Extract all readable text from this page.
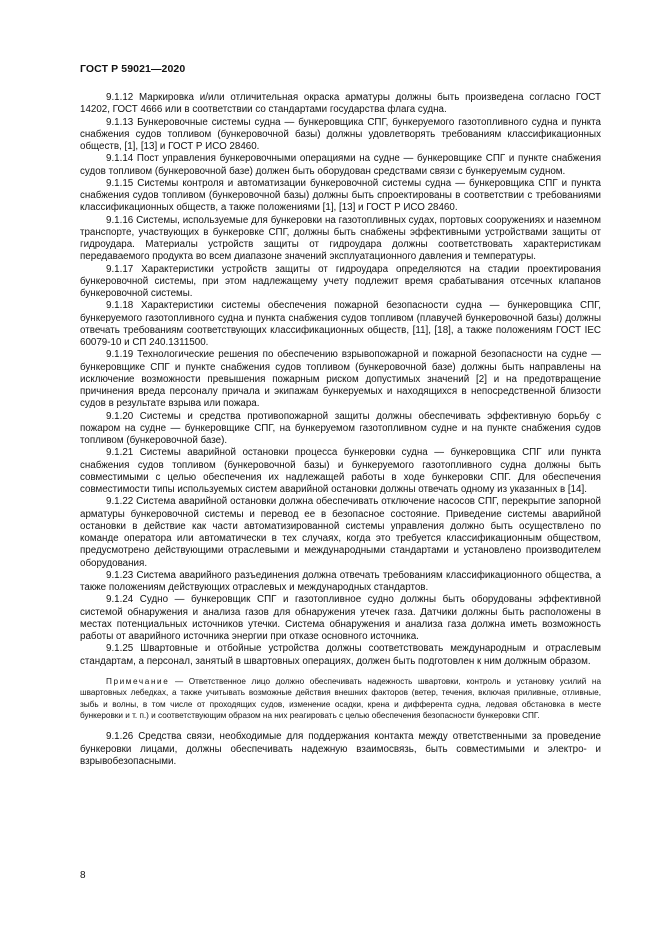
ГОСТ Р 59021—2020

9.1.12 Маркировка и/или отличительная окраска арматуры должны быть произведена согласно ГОСТ 14202, ГОСТ 4666 или в соответствии со стандартами государства флага судна.

9.1.13 Бункеровочные системы судна — бункеровщика СПГ, бункеруемого газотопливного судна и пункта снабжения судов топливом (бункеровочной базы) должны удовлетворять требованиям классификационных обществ, [1], [13] и ГОСТ Р ИСО 28460.

9.1.14 Пост управления бункеровочными операциями на судне — бункеровщике СПГ и пункте снабжения судов топливом (бункеровочной базе) должен быть оборудован средствами связи с бункеруемым судном.

9.1.15 Системы контроля и автоматизации бункеровочной системы судна — бункеровщика СПГ и пункта снабжения судов топливом (бункеровочной базы) должны быть спроектированы в соответствии с требованиями классификационных обществ, а также положениями [1], [13] и ГОСТ Р ИСО 28460.

9.1.16 Системы, используемые для бункеровки на газотопливных судах, портовых сооружениях и наземном транспорте, участвующих в бункеровке СПГ, должны быть снабжены эффективными устройствами защиты от гидроудара. Материалы устройств защиты от гидроудара должны соответствовать характеристикам передаваемого продукта во всем диапазоне значений эксплуатационного давления и температуры.

9.1.17 Характеристики устройств защиты от гидроудара определяются на стадии проектирования бункеровочной системы, при этом надлежащему учету подлежит время срабатывания отсечных клапанов бункеровочной системы.

9.1.18 Характеристики системы обеспечения пожарной безопасности судна — бункеровщика СПГ, бункеруемого газотопливного судна и пункта снабжения судов топливом (плавучей бункеровочной базы) должны отвечать требованиям соответствующих классификационных обществ, [11], [18], а также положениям ГОСТ IEC 60079-10 и СП 240.1311500.

9.1.19 Технологические решения по обеспечению взрывопожарной и пожарной безопасности на судне — бункеровщике СПГ и пункте снабжения судов топливом (бункеровочной базе) должны быть направлены на исключение возможности превышения пожарным риском допустимых значений [2] и на предотвращение причинения вреда персоналу причала и экипажам бункеруемых и находящихся в непосредственной близости судов в результате взрыва или пожара.

9.1.20 Системы и средства противопожарной защиты должны обеспечивать эффективную борьбу с пожаром на судне — бункеровщике СПГ, на бункеруемом газотопливном судне и на пункте снабжения судов топливом (бункеровочной базе).

9.1.21 Системы аварийной остановки процесса бункеровки судна — бункеровщика СПГ или пункта снабжения судов топливом (бункеровочной базы) и бункеруемого газотопливного судна должны быть совместимыми с целью обеспечения их надлежащей работы в ходе бункеровки СПГ. Для обеспечения совместимости типы используемых систем аварийной остановки должны отвечать одному из указанных в [14].

9.1.22 Система аварийной остановки должна обеспечивать отключение насосов СПГ, перекрытие запорной арматуры бункеровочной системы и перевод ее в безопасное состояние. Приведение системы аварийной остановки в действие как части автоматизированной системы управления должно быть осуществлено по команде оператора или автоматически в тех случаях, когда это требуется классификационным обществом, предусмотрено действующими отраслевыми и международными стандартами и установлено производителем оборудования.

9.1.23 Система аварийного разъединения должна отвечать требованиям классификационного общества, а также положениям действующих отраслевых и международных стандартов.

9.1.24 Судно — бункеровщик СПГ и газотопливное судно должны быть оборудованы эффективной системой обнаружения и анализа газов для обнаружения утечек газа. Датчики должны быть расположены в местах потенциальных источников утечки. Система обнаружения и анализа газа должна иметь возможность работы от аварийного источника энергии при отказе основного источника.

9.1.25 Швартовные и отбойные устройства должны соответствовать международным и отраслевым стандартам, а персонал, занятый в швартовных операциях, должен быть подготовлен к ним должным образом.

Примечание — Ответственное лицо должно обеспечивать надежность швартовки, контроль и установку усилий на швартовных лебедках, а также учитывать возможные действия внешних факторов (ветер, течения, включая приливные, отливные, зыбь и волны, в том числе от проходящих судов, изменение осадки, крена и дифферента судна, ледовая обстановка в месте бункеровки и т. п.) и соответствующим образом на них реагировать с целью обеспечения безопасности бункеровки СПГ.

9.1.26 Средства связи, необходимые для поддержания контакта между ответственными за проведение бункеровки лицами, должны обеспечивать надежную взаимосвязь, быть совместимыми и электро- и взрывобезопасными.

8
